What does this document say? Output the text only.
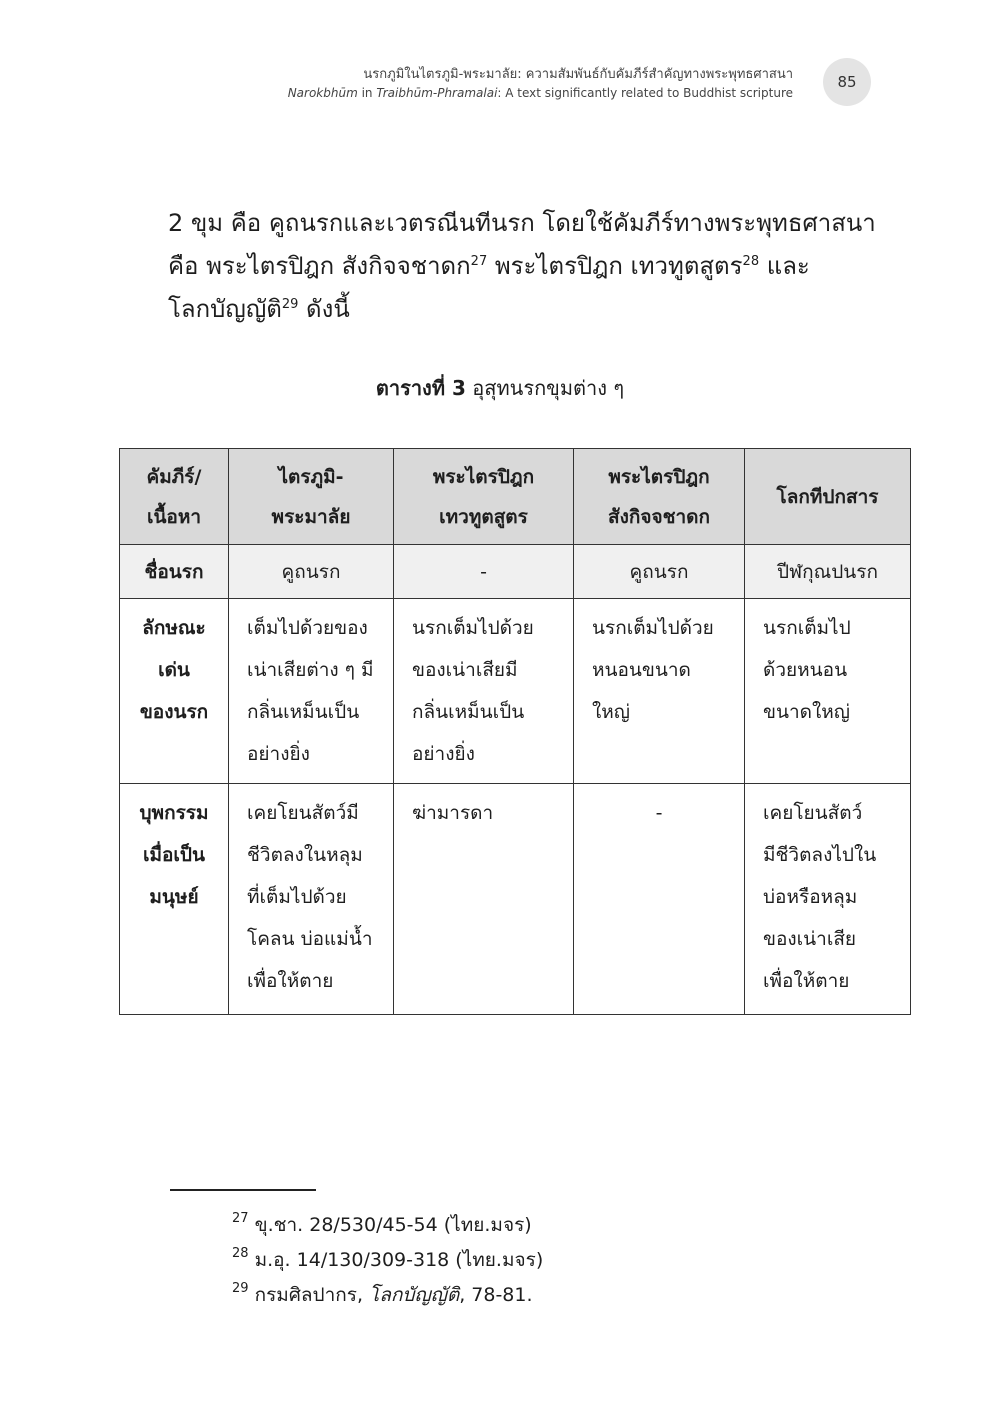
นรกภูมิในไตรภูมิ-พระมาลัย: ความสัมพันธ์กับคัมภีร์สำคัญทางพระพุทธศาสนา
Narokbhūm in Traibhūm-Phramalai: A text significantly related to Buddhist scripture
85

2 ขุม คือ คูถนรกและเวตรณีนทีนรก โดยใช้คัมภีร์ทางพระพุทธศาสนา
คือ พระไตรปิฎก สังกิจจชาดก$^{27}$ พระไตรปิฎก เทวทูตสูตร$^{28}$ และ
โลกบัญญัติ$^{29}$ ดังนี้

ตารางที่ 3 อุสุทนรกขุมต่าง ๆ
คัมภีร์/
เนื้อหา	ไตรภูมิ-
พระมาลัย	พระไตรปิฎก
เทวทูตสูตร	พระไตรปิฎก
สังกิจจชาดก	โลกทีปกสาร

ชื่อนรก	คูถนรก	-	คูถนรก	ปีฬกุณปนรก

ลักษณะ
เด่น
ของนรก	เต็มไปด้วยของ
เน่าเสียต่าง ๆ มี
กลิ่นเหม็นเป็น
อย่างยิ่ง	นรกเต็มไปด้วย
ของเน่าเสียมี
กลิ่นเหม็นเป็น
อย่างยิ่ง	นรกเต็มไปด้วย
หนอนขนาด
ใหญ่	นรกเต็มไป
ด้วยหนอน
ขนาดใหญ่

บุพกรรม
เมื่อเป็น
มนุษย์	เคยโยนสัตว์มี
ชีวิตลงในหลุม
ที่เต็มไปด้วย
โคลน บ่อแม่น้ำ
เพื่อให้ตาย	ฆ่ามารดา	-	เคยโยนสัตว์
มีชีวิตลงไปใน
บ่อหรือหลุม
ของเน่าเสีย
เพื่อให้ตาย
$^{27}$ ขุ.ชา. 28/530/45-54 (ไทย.มจร)
$^{28}$ ม.อุ. 14/130/309-318 (ไทย.มจร)
$^{29}$ กรมศิลปากร, โลกบัญญัติ, 78-81.
